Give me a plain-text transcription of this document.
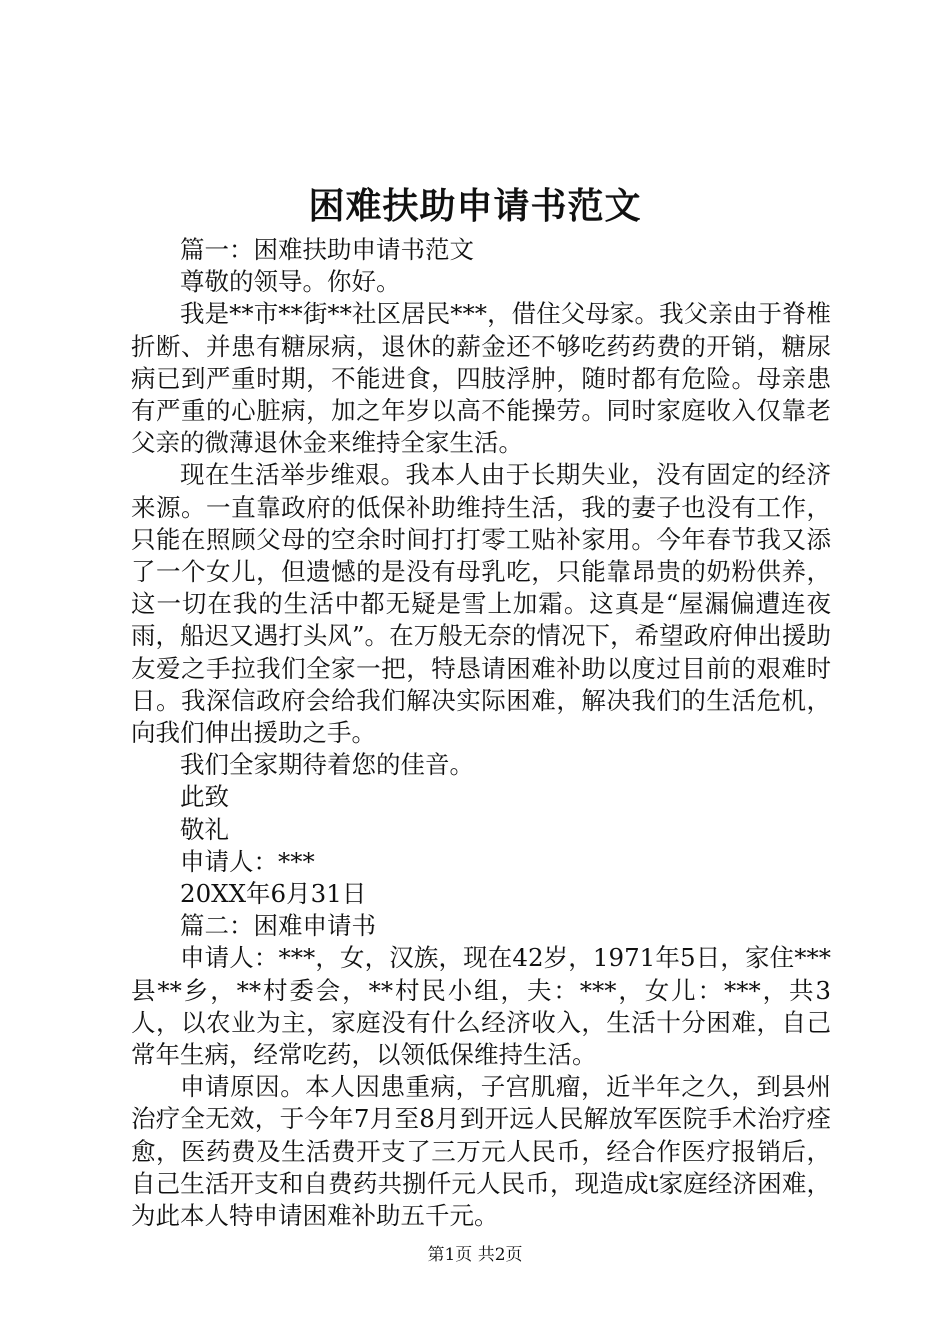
困难扶助申请书范文

篇一：困难扶助申请书范文

尊敬的领导。你好。

我是**市**街**社区居民***，借住父母家。我父亲由于脊椎折断、并患有糖尿病，退休的薪金还不够吃药药费的开销，糖尿病已到严重时期，不能进食，四肢浮肿，随时都有危险。母亲患有严重的心脏病，加之年岁以高不能操劳。同时家庭收入仅靠老父亲的微薄退休金来维持全家生活。

现在生活举步维艰。我本人由于长期失业，没有固定的经济来源。一直靠政府的低保补助维持生活，我的妻子也没有工作，只能在照顾父母的空余时间打打零工贴补家用。今年春节我又添了一个女儿，但遗憾的是没有母乳吃，只能靠昂贵的奶粉供养，这一切在我的生活中都无疑是雪上加霜。这真是“屋漏偏遭连夜雨，船迟又遇打头风”。在万般无奈的情况下，希望政府伸出援助友爱之手拉我们全家一把，特恳请困难补助以度过目前的艰难时日。我深信政府会给我们解决实际困难，解决我们的生活危机，向我们伸出援助之手。

我们全家期待着您的佳音。

此致

敬礼

申请人：***

20XX年6月31日

篇二：困难申请书

申请人：***，女，汉族，现在42岁，1971年5日，家住***县**乡，**村委会，**村民小组，夫：***，女儿：***，共3人，以农业为主，家庭没有什么经济收入，生活十分困难，自己常年生病，经常吃药，以领低保维持生活。

申请原因。本人因患重病，子宫肌瘤，近半年之久，到县州治疗全无效，于今年7月至8月到开远人民解放军医院手术治疗痊愈，医药费及生活费开支了三万元人民币，经合作医疗报销后，自己生活开支和自费药共捌仟元人民币，现造成t家庭经济困难，为此本人特申请困难补助五千元。

第1页 共2页
